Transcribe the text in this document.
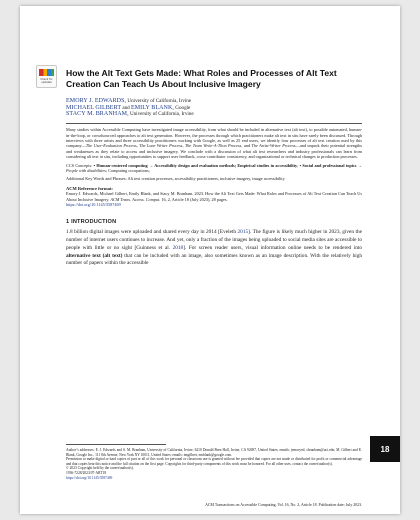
Check for updates
How the Alt Text Gets Made: What Roles and Processes of Alt Text Creation Can Teach Us About Inclusive Imagery
EMORY J. EDWARDS, University of California, Irvine
MICHAEL GILBERT and EMILY BLANK, Google
STACY M. BRANHAM, University of California, Irvine

Many studies within Accessible Computing have investigated image accessibility, from what should be included in alternative text (alt text), to possible automated, human-in-the-loop, or crowdsourced approaches to alt text generation. However, the processes through which practitioners make alt text in situ have rarely been discussed. Through interviews with three artists and three accessibility practitioners working with Google, as well as 25 end users, we identify four processes of alt text creation used by this company—The User-Evaluation Process, The Lone Writer Process, The Team Write-A-Thon Process, and The Artist-Writer Process—and unpack their potential strengths and weaknesses as they relate to access and inclusive imagery. We conclude with a discussion of what alt text researchers and industry professionals can learn from considering alt text in situ, including opportunities to support user feedback, cross-contributor consistency, and organizational or technical changes to production processes.

CCS Concepts: • Human-centered computing → Accessibility design and evaluation methods; Empirical studies in accessibility; • Social and professional topics → People with disabilities; Computing occupations;

Additional Key Words and Phrases: Alt text creation processes, accessibility practitioners, inclusive imagery, image accessibility

ACM Reference format:

Emory J. Edwards, Michael Gilbert, Emily Blank, and Stacy M. Branham. 2023. How the Alt Text Gets Made: What Roles and Processes of Alt Text Creation Can Teach Us About Inclusive Imagery. ACM Trans. Access. Comput. 16, 2, Article 18 (July 2023), 28 pages.
https://doi.org/10.1145/3587469

1 INTRODUCTION

1.8 billion digital images were uploaded and shared every day in 2014 [Eveleth 2015]. The figure is likely much higher in 2023, given the number of internet users continues to increase. And yet, only a fraction of the images being uploaded to social media sites are accessible to people with little or no sight [Guinness et al. 2018]. For screen reader users, visual information online needs to be rendered into alternative text (alt text) that can be included with an image, also sometimes known as an image description. With the relatively high number of papers within the accessible

18

Author’s addresses: E. J. Edwards and S. M. Branham, University of California, Irvine, 6210 Donald Bren Hall, Irvine, CA 92697, United States; emails: jemoryed, sbranham@uci.edu; M. Gilbert and E. Blank, Google Inc., 111 8th Avenue, New York NY 10011, United States; emails: imgilbert, emblank@google.com.

Permission to make digital or hard copies of part or all of this work for personal or classroom use is granted without fee provided that copies are not made or distributed for profit or commercial advantage and that copies bear this notice and the full citation on the first page. Copyrights for third-party components of this work must be honored. For all other uses, contact the owner/author(s).

© 2023 Copyright held by the owner/author(s).

1936-7228/2023/07-ART18

https://doi.org/10.1145/3587469

ACM Transactions on Accessible Computing, Vol. 16, No. 2, Article 18. Publication date: July 2023.
